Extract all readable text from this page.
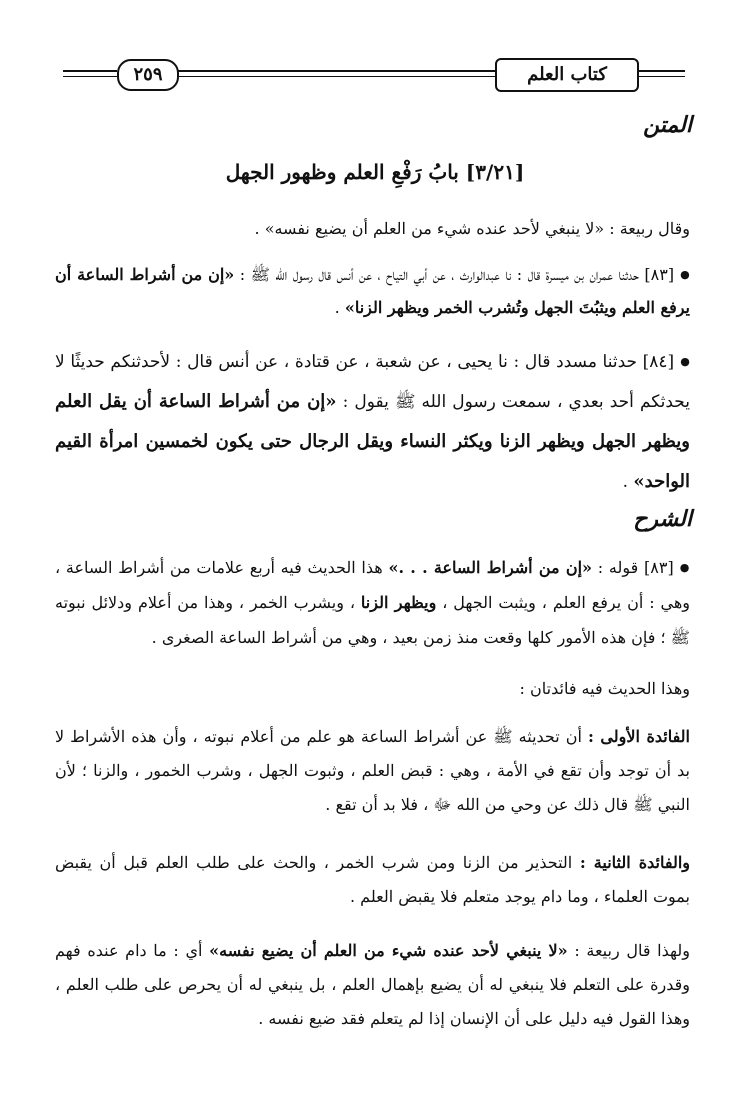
٢٥٩	كتاب العلم
المتن
[٣/٢١] بابُ رَفْعِ العلم وظهور الجهل

وقال ربيعة : «لا ينبغي لأحد عنده شيء من العلم أن يضيع نفسه» .

● [٨٣] حدثنا عمران بن ميسرة قال : نا عبدالوارث ، عن أبي التياح ، عن أنس قال رسول الله ﷺ : «إن من أشراط الساعة أن يرفع العلم ويثبُتَ الجهل وتُشرب الخمر ويظهر الزنا» .

● [٨٤] حدثنا مسدد قال : نا يحيى ، عن شعبة ، عن قتادة ، عن أنس قال : لأحدثنكم حديثًا لا يحدثكم أحد بعدي ، سمعت رسول الله ﷺ يقول : «إن من أشراط الساعة أن يقل العلم ويظهر الجهل ويظهر الزنا ويكثر النساء ويقل الرجال حتى يكون لخمسين امرأة القيم الواحد» .

الشرح

● [٨٣] قوله : «إن من أشراط الساعة . . .» هذا الحديث فيه أربع علامات من أشراط الساعة ، وهي : أن يرفع العلم ، ويثبت الجهل ، ويظهر الزنا ، ويشرب الخمر ، وهذا من أعلام ودلائل نبوته ﷺ ؛ فإن هذه الأمور كلها وقعت منذ زمن بعيد ، وهي من أشراط الساعة الصغرى .

وهذا الحديث فيه فائدتان :

الفائدة الأولى : أن تحديثه ﷺ عن أشراط الساعة هو علم من أعلام نبوته ، وأن هذه الأشراط لا بد أن توجد وأن تقع في الأمة ، وهي : قبض العلم ، وثبوت الجهل ، وشرب الخمور ، والزنا ؛ لأن النبي ﷺ قال ذلك عن وحي من الله ﷻ ، فلا بد أن تقع .

والفائدة الثانية : التحذير من الزنا ومن شرب الخمر ، والحث على طلب العلم قبل أن يقبض بموت العلماء ، وما دام يوجد متعلم فلا يقبض العلم .

ولهذا قال ربيعة : «لا ينبغي لأحد عنده شيء من العلم أن يضيع نفسه» أي : ما دام عنده فهم وقدرة على التعلم فلا ينبغي له أن يضيع بإهمال العلم ، بل ينبغي له أن يحرص على طلب العلم ، وهذا القول فيه دليل على أن الإنسان إذا لم يتعلم فقد ضيع نفسه .
